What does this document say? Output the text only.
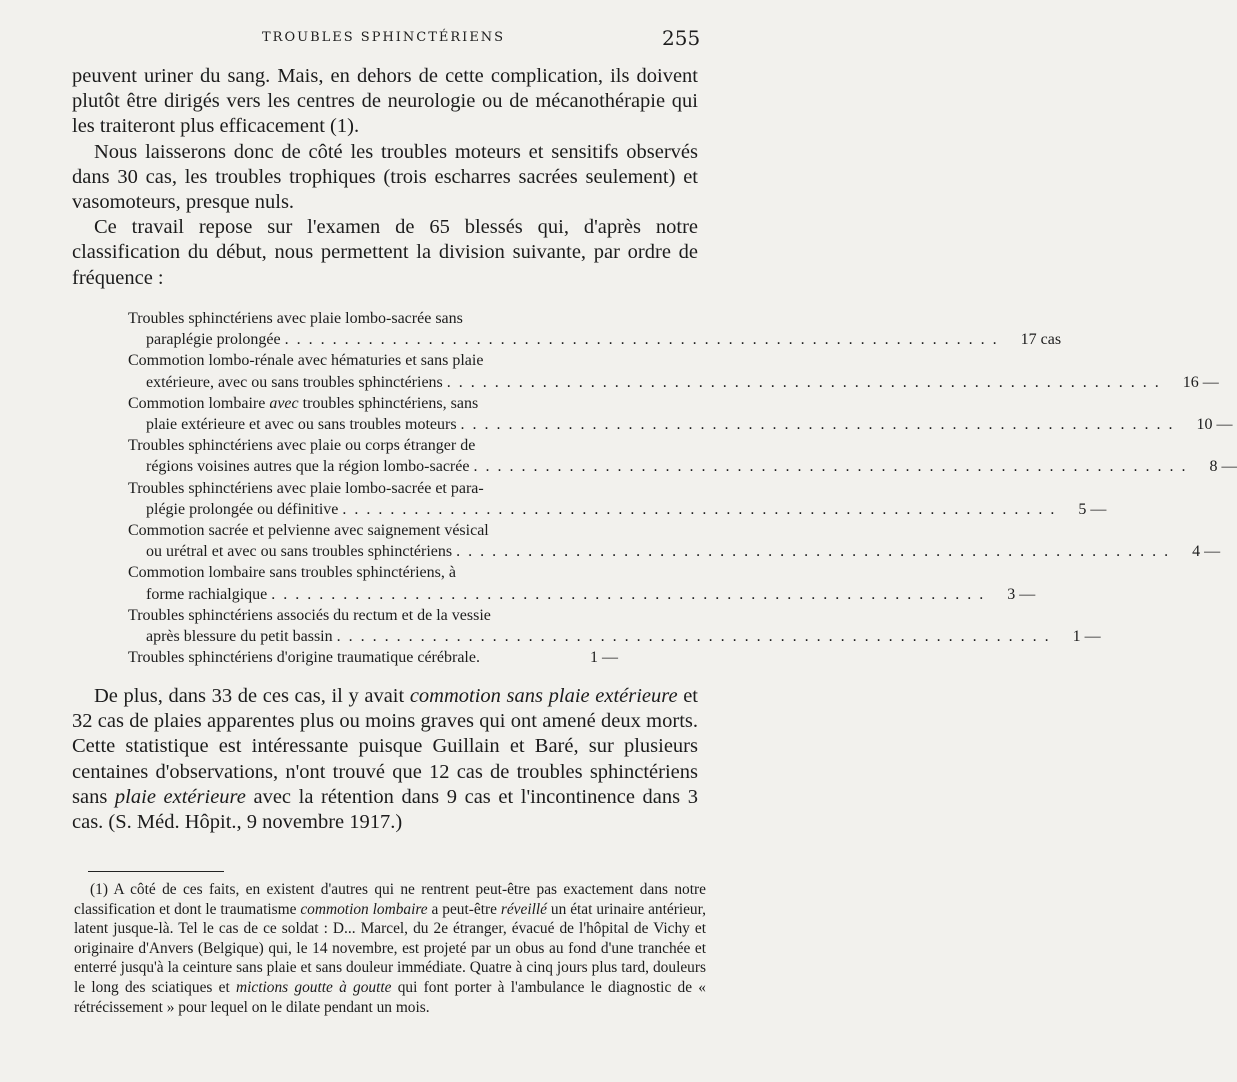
TROUBLES SPHINCTÉRIENS	255

peuvent uriner du sang. Mais, en dehors de cette complication, ils doivent plutôt être dirigés vers les centres de neurologie ou de mécanothérapie qui les traiteront plus efficacement (1).

Nous laisserons donc de côté les troubles moteurs et sensitifs observés dans 30 cas, les troubles trophiques (trois escharres sacrées seulement) et vasomoteurs, presque nuls.

Ce travail repose sur l'examen de 65 blessés qui, d'après notre classification du début, nous permettent la division suivante, par ordre de fréquence :

Troubles sphinctériens avec plaie lombo-sacrée sans
paraplégie prolongée . . . . . . . . . . . . . . . . . . . . . . . . . . . . . . . . . . . . . . . . . . . . . . . . . . . . . . . . . . . .	17 cas
Commotion lombo-rénale avec hématuries et sans plaie
extérieure, avec ou sans troubles sphinctériens . . . . . . . . . . . . . . . . . . . . . . . . . . . . . . . . . . . . . . . . . . . . . . . . . . . . . . . . . . . .	16 —
Commotion lombaire avec troubles sphinctériens, sans
plaie extérieure et avec ou sans troubles moteurs . . . . . . . . . . . . . . . . . . . . . . . . . . . . . . . . . . . . . . . . . . . . . . . . . . . . . . . . . . . .	10 —
Troubles sphinctériens avec plaie ou corps étranger de
régions voisines autres que la région lombo-sacrée . . . . . . . . . . . . . . . . . . . . . . . . . . . . . . . . . . . . . . . . . . . . . . . . . . . . . . . . . . . .	8 —
Troubles sphinctériens avec plaie lombo-sacrée et para-
plégie prolongée ou définitive . . . . . . . . . . . . . . . . . . . . . . . . . . . . . . . . . . . . . . . . . . . . . . . . . . . . . . . . . . . .	5 —
Commotion sacrée et pelvienne avec saignement vésical
ou urétral et avec ou sans troubles sphinctériens . . . . . . . . . . . . . . . . . . . . . . . . . . . . . . . . . . . . . . . . . . . . . . . . . . . . . . . . . . . .	4 —
Commotion lombaire sans troubles sphinctériens, à
forme rachialgique . . . . . . . . . . . . . . . . . . . . . . . . . . . . . . . . . . . . . . . . . . . . . . . . . . . . . . . . . . . .	3 —
Troubles sphinctériens associés du rectum et de la vessie
après blessure du petit bassin . . . . . . . . . . . . . . . . . . . . . . . . . . . . . . . . . . . . . . . . . . . . . . . . . . . . . . . . . . . .	1 —
Troubles sphinctériens d'origine traumatique cérébrale.	1 —

De plus, dans 33 de ces cas, il y avait commotion sans plaie extérieure et 32 cas de plaies apparentes plus ou moins graves qui ont amené deux morts. Cette statistique est intéressante puisque Guillain et Baré, sur plusieurs centaines d'observations, n'ont trouvé que 12 cas de troubles sphinctériens sans plaie extérieure avec la rétention dans 9 cas et l'incontinence dans 3 cas. (S. Méd. Hôpit., 9 novembre 1917.)

(1) A côté de ces faits, en existent d'autres qui ne rentrent peut-être pas exactement dans notre classification et dont le traumatisme commotion lombaire a peut-être réveillé un état urinaire antérieur, latent jusque-là. Tel le cas de ce soldat : D... Marcel, du 2e étranger, évacué de l'hôpital de Vichy et originaire d'Anvers (Belgique) qui, le 14 novembre, est projeté par un obus au fond d'une tranchée et enterré jusqu'à la ceinture sans plaie et sans douleur immédiate. Quatre à cinq jours plus tard, douleurs le long des sciatiques et mictions goutte à goutte qui font porter à l'ambulance le diagnostic de « rétrécissement » pour lequel on le dilate pendant un mois.
